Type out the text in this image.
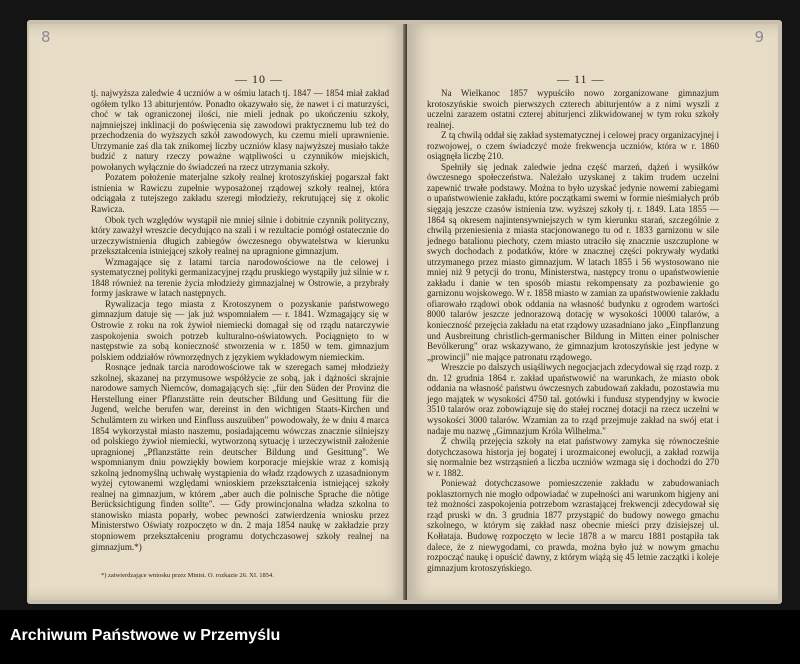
8
— 10 —

tj. najwyższa zaledwie 4 uczniów a w ośmiu latach tj. 1847 — 1854 miał zakład ogółem tylko 13 abiturjentów. Ponadto okazywało się, że nawet i ci maturzyści, choć w tak ograniczonej ilości, nie mieli jednak po ukończeniu szkoły, najmniejszej inklinacji do poświęcenia się zawodowi praktycznemu lub też do przechodzenia do wyższych szkół zawodowych, ku czemu mieli uprawnienie. Utrzymanie zaś dla tak znikomej liczby uczniów klasy najwyższej musiało także budzić z natury rzeczy poważne wątpliwości u czynników miejskich, powołanych wyłącznie do świadczeń na rzecz utrzymania szkoły.

Pozatem położenie materjalne szkoły realnej krotoszyńskiej pogarszał fakt istnienia w Rawiczu zupełnie wyposażonej rządowej szkoły realnej, która odciągała z tutejszego zakładu szeregi młodzieży, rekrutującej się z okolic Rawicza.

Obok tych względów wystąpił nie mniej silnie i dobitnie czynnik polityczny, który zaważył wreszcie decydująco na szali i w rezultacie pomógł ostatecznie do urzeczywistnienia długich zabiegów ówczesnego obywatelstwa w kierunku przekształcenia istniejącej szkoły realnej na upragnione gimnazjum.

Wzmagające się z latami tarcia narodowościowe na tle celowej i systematycznej polityki germanizacyjnej rządu pruskiego wystąpiły już silnie w r. 1848 również na terenie życia młodzieży gimnazjalnej w Ostrowie, a przybrały formy jaskrawe w latach następnych.

Rywalizacja tego miasta z Krotoszynem o pozyskanie państwowego gimnazjum datuje się — jak już wspomniałem — r. 1841. Wzmagający się w Ostrowie z roku na rok żywioł niemiecki domagał się od rządu natarczywie zaspokojenia swoich potrzeb kulturalno-oświatowych. Pociągnięto to w następstwie za sobą konieczność stworzenia w r. 1850 w tem. gimnazjum polskiem oddziałów równorzędnych z językiem wykładowym niemieckim.

Rosnące jednak tarcia narodowościowe tak w szeregach samej młodzieży szkolnej, skazanej na przymusowe współżycie ze sobą, jak i dążności skrajnie narodowe samych Niemców, domagających się: „für den Süden der Provinz die Herstellung einer Pflanzstätte rein deutscher Bildung und Gesittung für die Jugend, welche berufen war, dereinst in den wichtigen Staats-Kirchen und Schulämtern zu wirken und Einfluss auszuüben" powodowały, że w dniu 4 marca 1854 wykorzystał miasto naszemu, posiadającemu wówczas znacznie silniejszy od polskiego żywioł niemiecki, wytworzoną sytuację i urzeczywistnił założenie upragnionej „Pflanzstätte rein deutscher Bildung und Gesittung". We wspomnianym dniu powziękły bowiem korporacje miejskie wraz z komisją szkolną jednomyślną uchwałę wystąpienia do władz rządowych z uzasadnionym wyżej cytowanemi względami wnioskiem przekształcenia istniejącej szkoły realnej na gimnazjum, w którem „aber auch die polnische Sprache die nötige Berücksichtigung finden sollte". — Gdy prowincjonalna władza szkolna to stanowisko miasta poparły, wobec pewności zatwierdzenia wniosku przez Ministerstwo Oświaty rozpoczęto w dn. 2 maja 1854 naukę w zakładzie przy stopniowem przekształceniu programu dotychczasowej szkoły realnej na gimnazjum.*)

*) zatwierdzające wniosku przez Minist. O. rozkazie 26. XI. 1854.
9
— 11 —

Na Wielkanoc 1857 wypuściło nowo zorganizowane gimnazjum krotoszyńskie swoich pierwszych czterech abiturjentów a z nimi wyszli z uczelni zarazem ostatni czterej abiturjenci zlikwidowanej w tym roku szkoły realnej.

Z tą chwilą oddał się zakład systematycznej i celowej pracy organizacyjnej i rozwojowej, o czem świadczyć może frekwencja uczniów, która w r. 1860 osiągnęła liczbę 210.

Spełniły się jednak zaledwie jedna część marzeń, dążeń i wysiłków ówczesnego społeczeństwa. Należało uzyskanej z takim trudem uczelni zapewnić trwałe podstawy. Można to było uzyskać jedynie nowemi zabiegami o upaństwowienie zakładu, które początkami swemi w formie nieśmiałych prób sięgają jeszcze czasów istnienia tzw. wyższej szkoły tj. r. 1849. Lata 1855 — 1864 są okresem najintensywniejszych w tym kierunku starań, szczególnie z chwilą przeniesienia z miasta stacjonowanego tu od r. 1833 garnizonu w sile jednego batalionu piechoty, czem miasto utraciło się znacznie uszczuplone w swych dochodach z podatków, które w znacznej części pokrywały wydatki utrzymanego przez miasto gimnazjum. W latach 1855 i 56 wystosowano nie mniej niż 9 petycji do tronu, Ministerstwa, następcy tronu o upaństwowienie zakładu i danie w ten sposób miastu rekompensaty za pozbawienie go garnizonu wojskowego. W r. 1858 miasto w zamian za upaństwowienie zakładu ofiarowało rządowi obok oddania na własność budynku z ogrodem wartości 8000 talarów jeszcze jednorazową dotację w wysokości 10000 talarów, a konieczność przejęcia zakładu na etat rządowy uzasadniano jako „Einpflanzung und Ausbreitung christlich-germanischer Bildung in Mitten einer polnischer Bevölkerung" oraz wskazywano, że gimnazjum krotoszyńskie jest jedyne w „prowincji" nie mające patronatu rządowego.

Wreszcie po dalszych usiąśliwych negocjacjach zdecydował się rząd rozp. z dn. 12 grudnia 1864 r. zakład upaństwowić na warunkach, że miasto obok oddania na własność państwu ówczesnych zabudowań zakładu, pozostawia mu jego majątek w wysokości 4750 tal. gotówki i fundusz stypendyjny w kwocie 3510 talarów oraz zobowiązuje się do stałej rocznej dotacji na rzecz uczelni w wysokości 3000 talarów. Wzamian za to rząd przejmuje zakład na swój etat i nadaje mu nazwę „Gimnazjum Króla Wilhelma."

Z chwilą przejęcia szkoły na etat państwowy zamyka się równocześnie dotychczasowa historja jej bogatej i urozmaiconej ewolucji, a zakład rozwija się normalnie bez wstrząsnień a liczba uczniów wzmaga się i dochodzi do 270 w r. 1882.

Ponieważ dotychczasowe pomieszczenie zakładu w zabudowaniach poklasztornych nie mogło odpowiadać w zupełności ani warunkom higjeny ani też możności zaspokojenia potrzebom wzrastającej frekwencji zdecydował się rząd pruski w dn. 3 grudnia 1877 przystąpić do budowy nowego gmachu szkolnego, w którym się zakład nasz obecnie mieści przy dzisiejszej ul. Kołłataja. Budowę rozpoczęto w lecie 1878 a w marcu 1881 postąpiła tak dalece, że z niewygodami, co prawda, można było już w nowym gmachu rozpocząć naukę i opuścić dawny, z którym wiążą się 45 letnie zaczątki i koleje gimnazjum krotoszyńskiego.

Archiwum Państwowe w Przemyślu
